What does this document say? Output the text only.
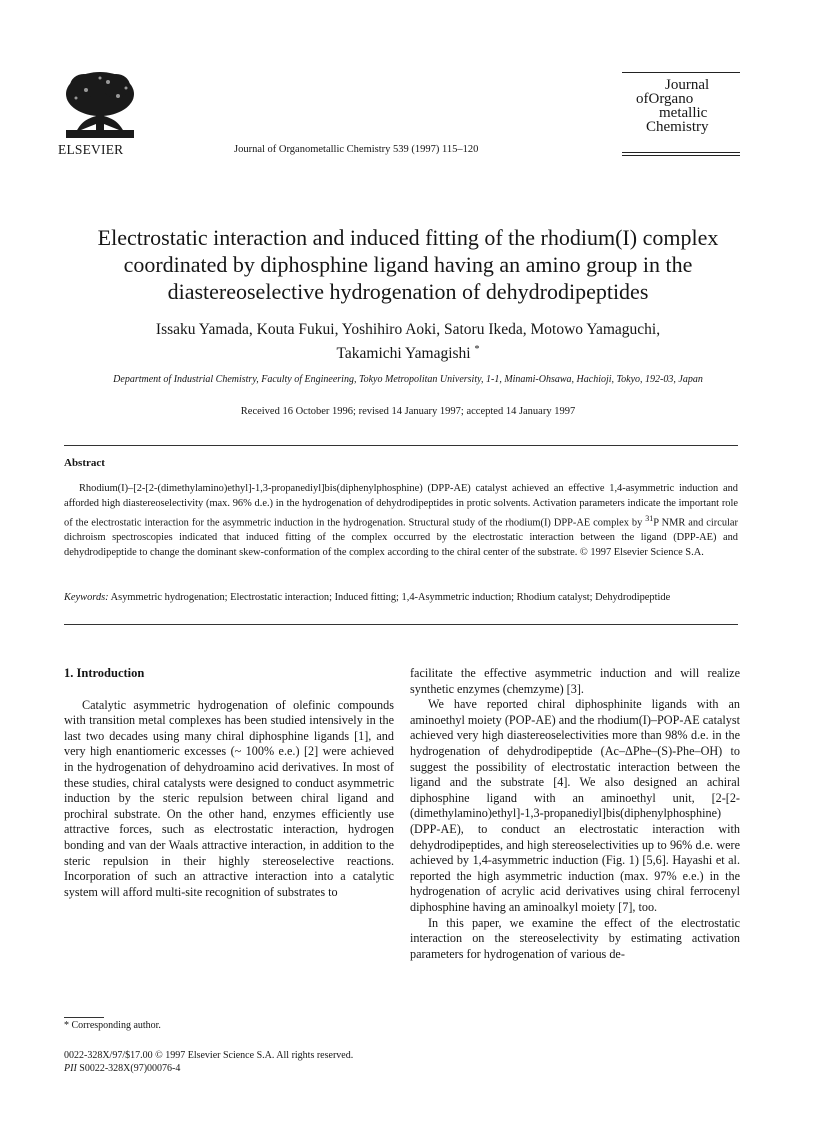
ELSEVIER	Journal of Organometallic Chemistry 539 (1997) 115–120
Journal
ofOrgano
metallic
Chemistry
Electrostatic interaction and induced fitting of the rhodium(I) complex coordinated by diphosphine ligand having an amino group in the diastereoselective hydrogenation of dehydrodipeptides
Issaku Yamada, Kouta Fukui, Yoshihiro Aoki, Satoru Ikeda, Motowo Yamaguchi,
Takamichi Yamagishi *
Department of Industrial Chemistry, Faculty of Engineering, Tokyo Metropolitan University, 1-1, Minami-Ohsawa, Hachioji, Tokyo, 192-03, Japan
Received 16 October 1996; revised 14 January 1997; accepted 14 January 1997
Abstract

Rhodium(I)–[2-[2-(dimethylamino)ethyl]-1,3-propanediyl]bis(diphenylphosphine) (DPP-AE) catalyst achieved an effective 1,4-asymmetric induction and afforded high diastereoselectivity (max. 96% d.e.) in the hydrogenation of dehydrodipeptides in protic solvents. Activation parameters indicate the important role of the electrostatic interaction for the asymmetric induction in the hydrogenation. Structural study of the rhodium(I) DPP-AE complex by $^{31}$P NMR and circular dichroism spectroscopies indicated that induced fitting of the complex occurred by the electrostatic interaction between the ligand (DPP-AE) and dehydrodipeptide to change the dominant skew-conformation of the complex according to the chiral center of the substrate. © 1997 Elsevier Science S.A.

Keywords: Asymmetric hydrogenation; Electrostatic interaction; Induced fitting; 1,4-Asymmetric induction; Rhodium catalyst; Dehydrodipeptide
1. Introduction

Catalytic asymmetric hydrogenation of olefinic compounds with transition metal complexes has been studied intensively in the last two decades using many chiral diphosphine ligands [1], and very high enantiomeric excesses (~ 100% e.e.) [2] were achieved in the hydrogenation of dehydroamino acid derivatives. In most of these studies, chiral catalysts were designed to conduct asymmetric induction by the steric repulsion between chiral ligand and prochiral substrate. On the other hand, enzymes efficiently use attractive forces, such as electrostatic interaction, hydrogen bonding and van der Waals attractive interaction, in addition to the steric repulsion in their highly stereoselective reactions. Incorporation of such an attractive interaction into a catalytic system will afford multi-site recognition of substrates to

facilitate the effective asymmetric induction and will realize synthetic enzymes (chemzyme) [3].

We have reported chiral diphosphinite ligands with an aminoethyl moiety (POP-AE) and the rhodium(I)–POP-AE catalyst achieved very high diastereoselectivities more than 98% d.e. in the hydrogenation of dehydrodipeptide (Ac–ΔPhe–(S)-Phe–OH) to suggest the possibility of electrostatic interaction between the ligand and the substrate [4]. We also designed an achiral diphosphine ligand with an aminoethyl unit, [2-[2-(dimethylamino)ethyl]-1,3-propanediyl]bis(diphenylphosphine) (DPP-AE), to conduct an electrostatic interaction with dehydrodipeptides, and high stereoselectivities up to 96% d.e. were achieved by 1,4-asymmetric induction (Fig. 1) [5,6]. Hayashi et al. reported the high asymmetric induction (max. 97% e.e.) in the hydrogenation of acrylic acid derivatives using chiral ferrocenyl diphosphine having an aminoalkyl moiety [7], too.

In this paper, we examine the effect of the electrostatic interaction on the stereoselectivity by estimating activation parameters for hydrogenation of various de-

* Corresponding author.
0022-328X/97/$17.00 © 1997 Elsevier Science S.A. All rights reserved.
PII S0022-328X(97)00076-4
